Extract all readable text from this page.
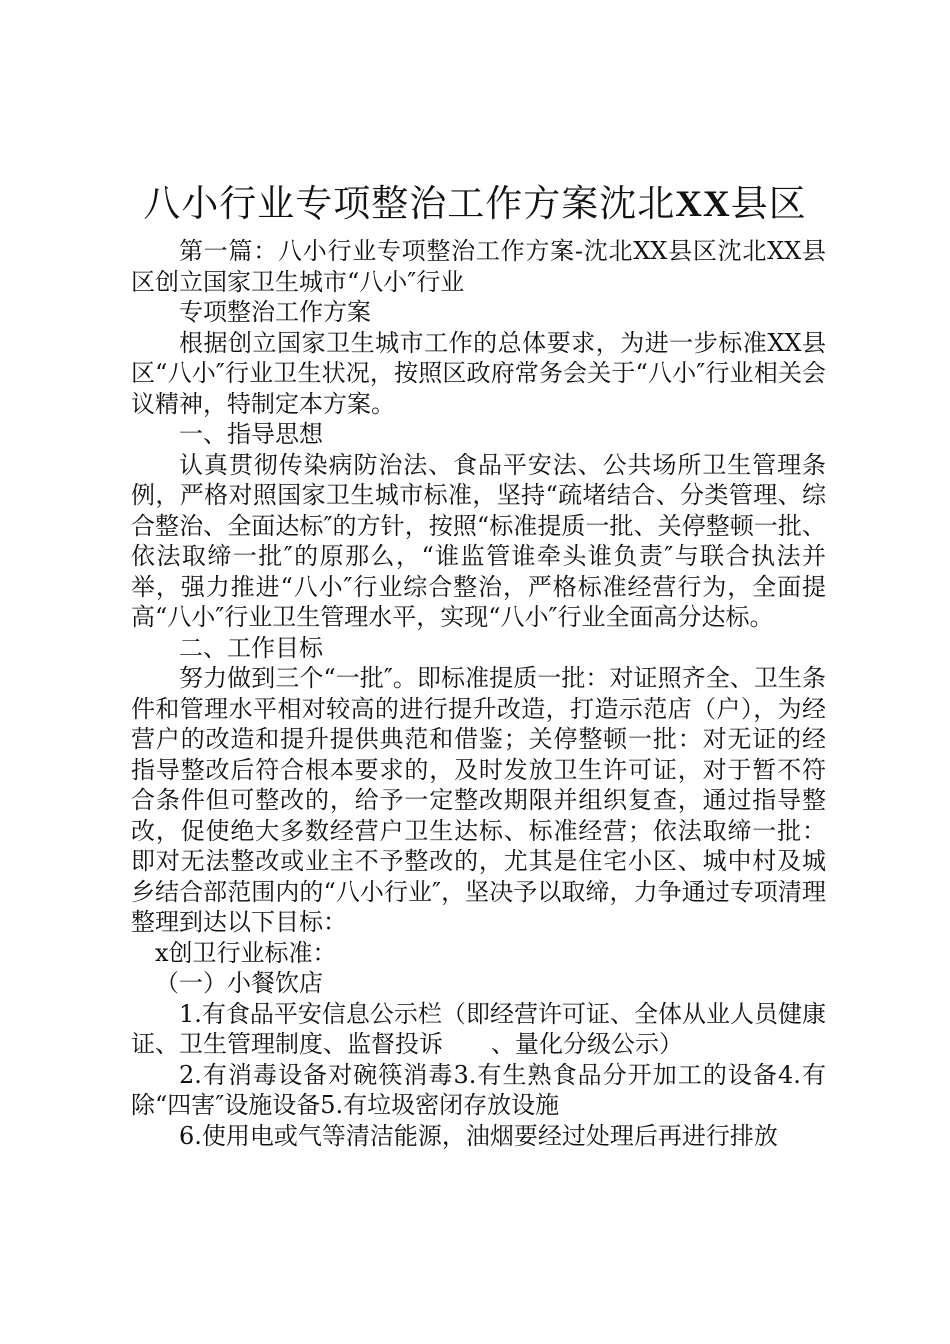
八小行业专项整治工作方案沈北XX县区

第一篇：八小行业专项整治工作方案-沈北XX县区沈北XX县区创立国家卫生城市“八小″行业

专项整治工作方案

根据创立国家卫生城市工作的总体要求，为进一步标准XX县区“八小″行业卫生状况，按照区政府常务会关于“八小″行业相关会议精神，特制定本方案。

一、指导思想

认真贯彻传染病防治法、食品平安法、公共场所卫生管理条例，严格对照国家卫生城市标准，坚持“疏堵结合、分类管理、综合整治、全面达标″的方针，按照“标准提质一批、关停整顿一批、依法取缔一批″的原那么，“谁监管谁牵头谁负责″与联合执法并举，强力推进“八小″行业综合整治，严格标准经营行为，全面提高“八小″行业卫生管理水平，实现“八小″行业全面高分达标。

二、工作目标

努力做到三个“一批″。即标准提质一批：对证照齐全、卫生条件和管理水平相对较高的进行提升改造，打造示范店（户），为经营户的改造和提升提供典范和借鉴；关停整顿一批：对无证的经指导整改后符合根本要求的，及时发放卫生许可证，对于暂不符合条件但可整改的，给予一定整改期限并组织复查，通过指导整改，促使绝大多数经营户卫生达标、标准经营；依法取缔一批：即对无法整改或业主不予整改的，尤其是住宅小区、城中村及城乡结合部范围内的“八小行业″，坚决予以取缔，力争通过专项清理整理到达以下目标：

x创卫行业标准：

（一）小餐饮店

1.有食品平安信息公示栏（即经营许可证、全体从业人员健康证、卫生管理制度、监督投诉　　、量化分级公示）

2.有消毒设备对碗筷消毒3.有生熟食品分开加工的设备4.有除“四害″设施设备5.有垃圾密闭存放设施

6.使用电或气等清洁能源，油烟要经过处理后再进行排放
